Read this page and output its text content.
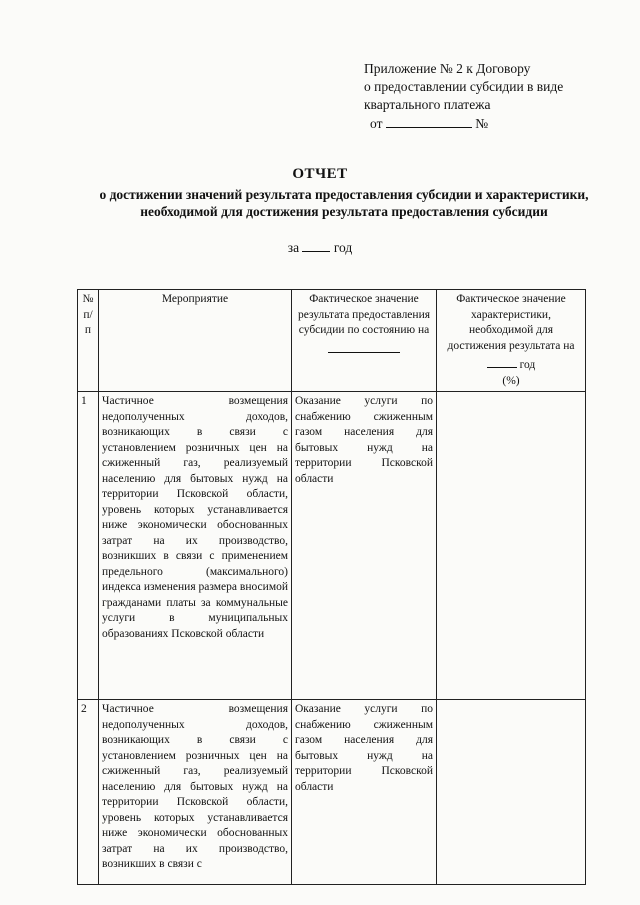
Приложение № 2 к Договору
о предоставлении субсидии в виде
квартального платежа
от	№
ОТЧЕТ
о достижении значений результата предоставления субсидии и характеристики, необходимой для достижения результата предоставления субсидии
за	год
№ п/п	Мероприятие	Фактическое значение результата предоставления субсидии по состоянию на	Фактическое значение характеристики, необходимой для достижения результата на
год
(%)
1	Частичное возмещения недополученных доходов, возникающих в связи с установлением розничных цен на сжиженный газ, реализуемый населению для бытовых нужд на территории Псковской области, уровень которых устанавливается ниже экономически обоснованных затрат на их производство, возникших в связи с применением предельного (максимального) индекса изменения размера вносимой гражданами платы за коммунальные услуги в муниципальных образованиях Псковской области	Оказание услуги по снабжению сжиженным газом населения для бытовых нужд на территории Псковской области	
2	Частичное возмещения недополученных доходов, возникающих в связи с установлением розничных цен на сжиженный газ, реализуемый населению для бытовых нужд на территории Псковской области, уровень которых устанавливается ниже экономически обоснованных затрат на их производство, возникших в связи с	Оказание услуги по снабжению сжиженным газом населения для бытовых нужд на территории Псковской области	
